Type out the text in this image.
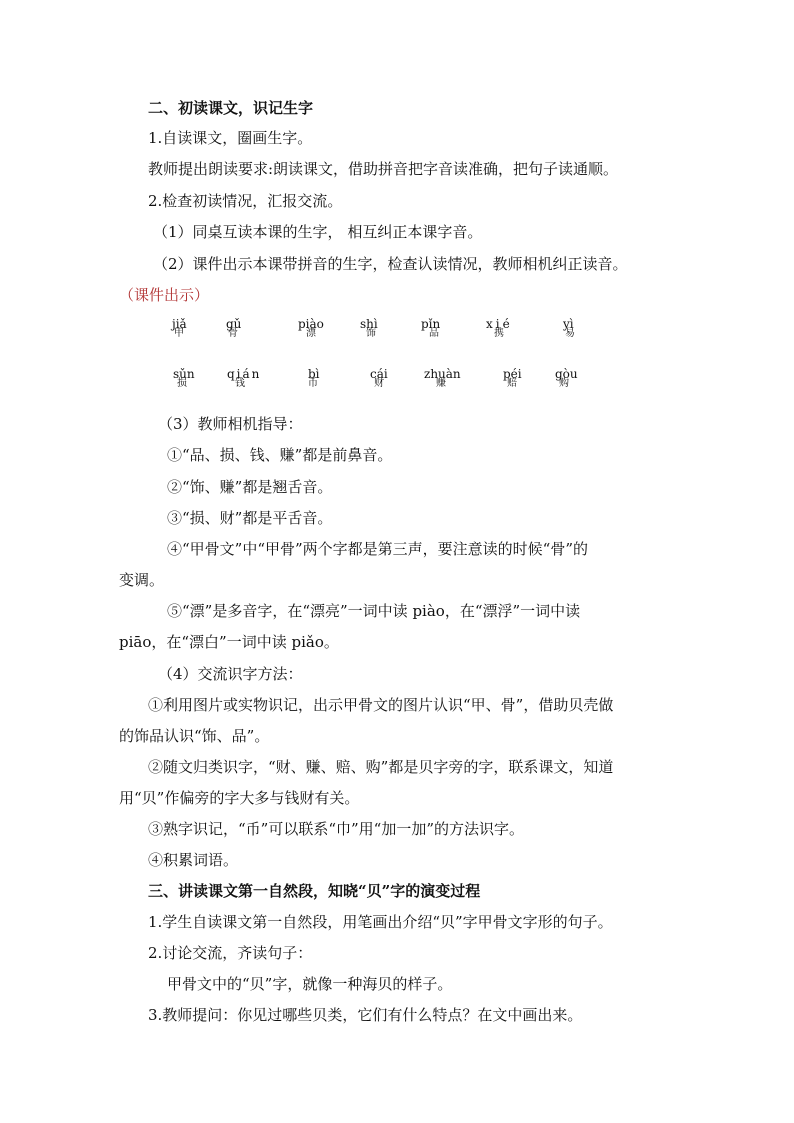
二、初读课文，识记生字
1.自读课文，圈画生字。
教师提出朗读要求:朗读课文，借助拼音把字音读准确，把句子读通顺。
2.检查初读情况，汇报交流。
（1）同桌互读本课的生字， 相互纠正本课字音。
（2）课件出示本课带拼音的生字，检查认读情况，教师相机纠正读音。
（课件出示）
jiǎ
甲
gǔ
骨
piào
漂
shì
饰
pǐn
品
xié
携
yì
易
sǔn
损
qián
钱
bì
币
cái
财
zhuàn
赚
péi
赔
gòu
购
（3）教师相机指导：
①“品、损、钱、赚”都是前鼻音。
②“饰、赚”都是翘舌音。
③“损、财”都是平舌音。
④“甲骨文”中“甲骨”两个字都是第三声，要注意读的时候“骨”的
变调。
⑤“漂”是多音字，在“漂亮”一词中读 piào，在“漂浮”一词中读
piāo，在“漂白”一词中读 piǎo。
（4）交流识字方法：
①利用图片或实物识记，出示甲骨文的图片认识“甲、骨”，借助贝壳做
的饰品认识“饰、品”。
②随文归类识字，“财、赚、赔、购”都是贝字旁的字，联系课文，知道
用“贝”作偏旁的字大多与钱财有关。
③熟字识记，“币”可以联系“巾”用“加一加”的方法识字。
④积累词语。
三、讲读课文第一自然段，知晓“贝”字的演变过程
1.学生自读课文第一自然段，用笔画出介绍“贝”字甲骨文字形的句子。
2.讨论交流，齐读句子：
甲骨文中的“贝”字，就像一种海贝的样子。
3.教师提问：你见过哪些贝类，它们有什么特点？在文中画出来。
